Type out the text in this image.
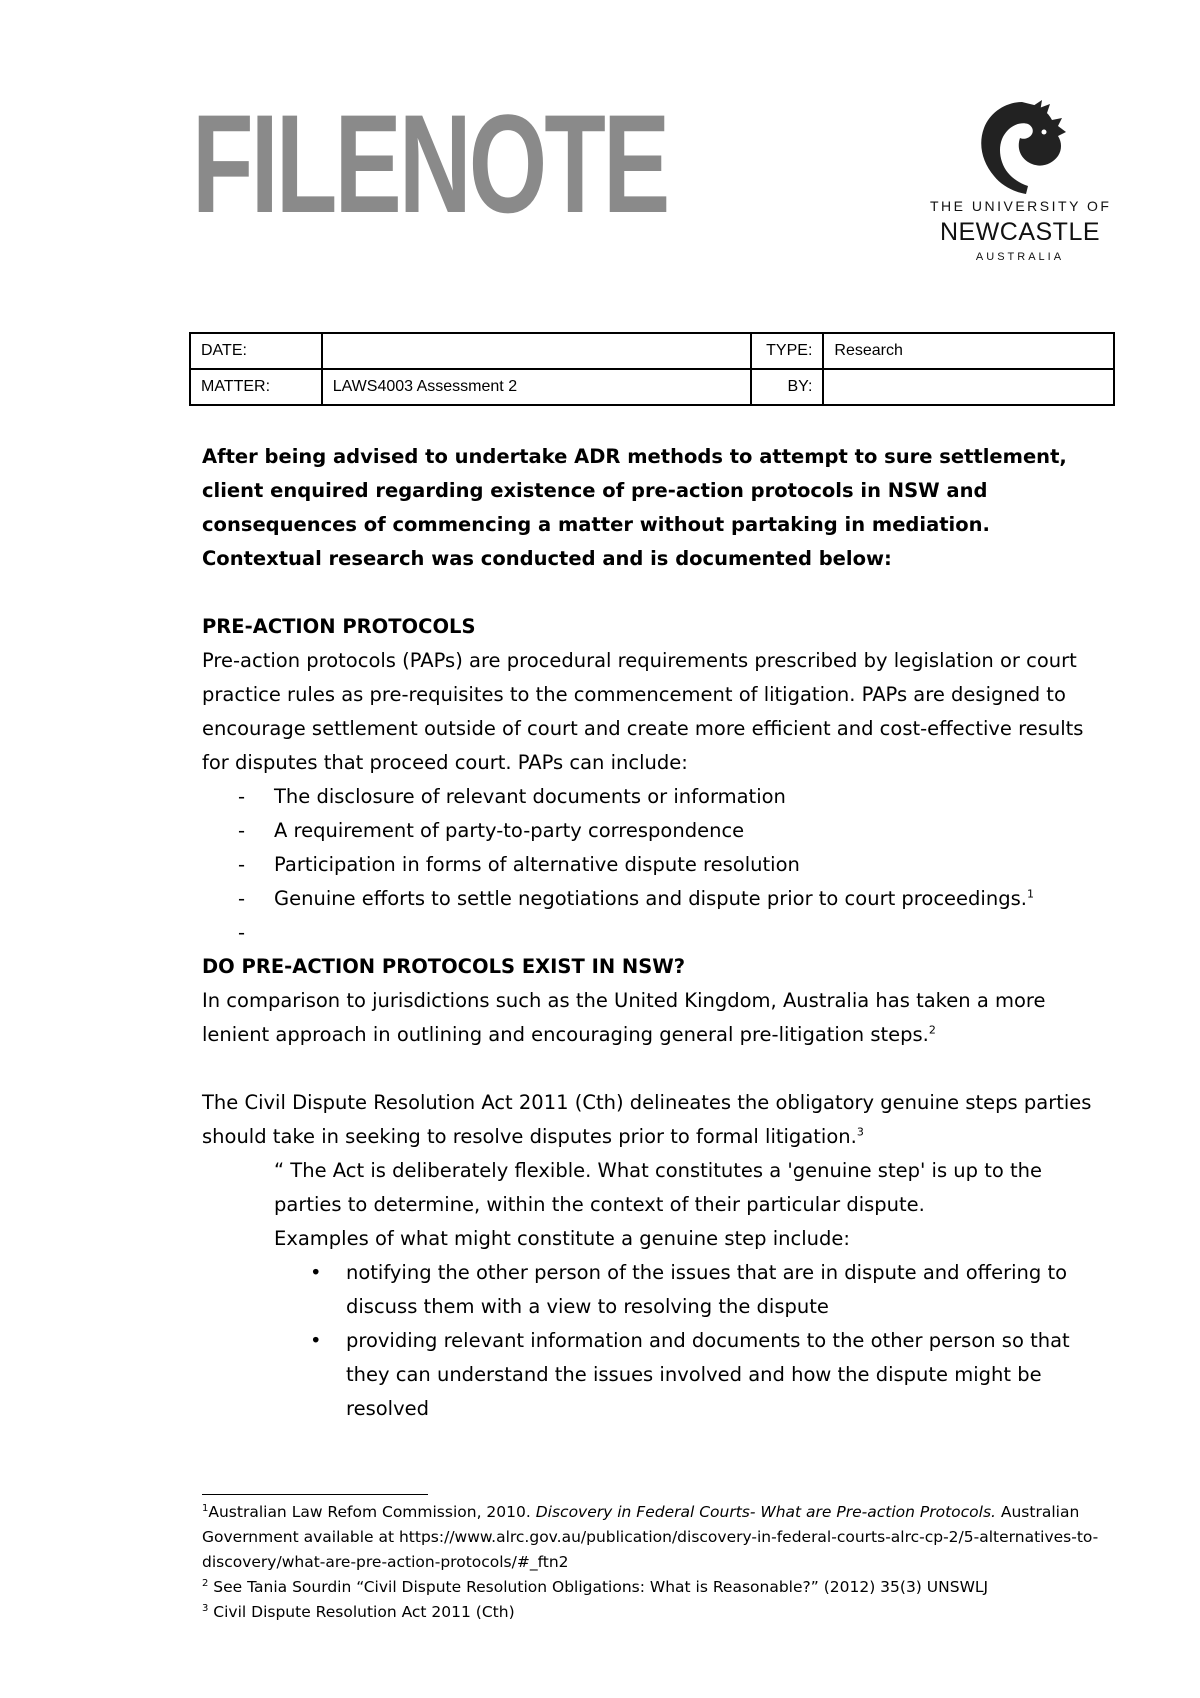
FILENOTE	THE UNIVERSITY OF
NEWCASTLE
AUSTRALIA
DATE:		TYPE:	Research
MATTER:	LAWS4003 Assessment 2	BY:	

After being advised to undertake ADR methods to attempt to sure settlement, client enquired regarding existence of pre-action protocols in NSW and consequences of commencing a matter without partaking in mediation. Contextual research was conducted and is documented below:

PRE-ACTION PROTOCOLS

Pre-action protocols (PAPs) are procedural requirements prescribed by legislation or court practice rules as pre-requisites to the commencement of litigation. PAPs are designed to encourage settlement outside of court and create more efficient and cost-effective results for disputes that proceed court. PAPs can include:

- The disclosure of relevant documents or information
- A requirement of party-to-party correspondence
- Participation in forms of alternative dispute resolution
- Genuine efforts to settle negotiations and dispute prior to court proceedings.$^1$
-

DO PRE-ACTION PROTOCOLS EXIST IN NSW?

In comparison to jurisdictions such as the United Kingdom, Australia has taken a more lenient approach in outlining and encouraging general pre-litigation steps.$^2$

The Civil Dispute Resolution Act 2011 (Cth) delineates the obligatory genuine steps parties should take in seeking to resolve disputes prior to formal litigation.$^3$

“ The Act is deliberately flexible. What constitutes a 'genuine step' is up to the parties to determine, within the context of their particular dispute.

Examples of what might constitute a genuine step include:

• notifying the other person of the issues that are in dispute and offering to discuss them with a view to resolving the dispute
• providing relevant information and documents to the other person so that they can understand the issues involved and how the dispute might be resolved

$^1$Australian Law Refom Commission, 2010. Discovery in Federal Courts- What are Pre-action Protocols. Australian Government available at https://www.alrc.gov.au/publication/discovery-in-federal-courts-alrc-cp-2/5-alternatives-to-discovery/what-are-pre-action-protocols/#_ftn2

$^2$ See Tania Sourdin “Civil Dispute Resolution Obligations: What is Reasonable?” (2012) 35(3) UNSWLJ

$^3$ Civil Dispute Resolution Act 2011 (Cth)
